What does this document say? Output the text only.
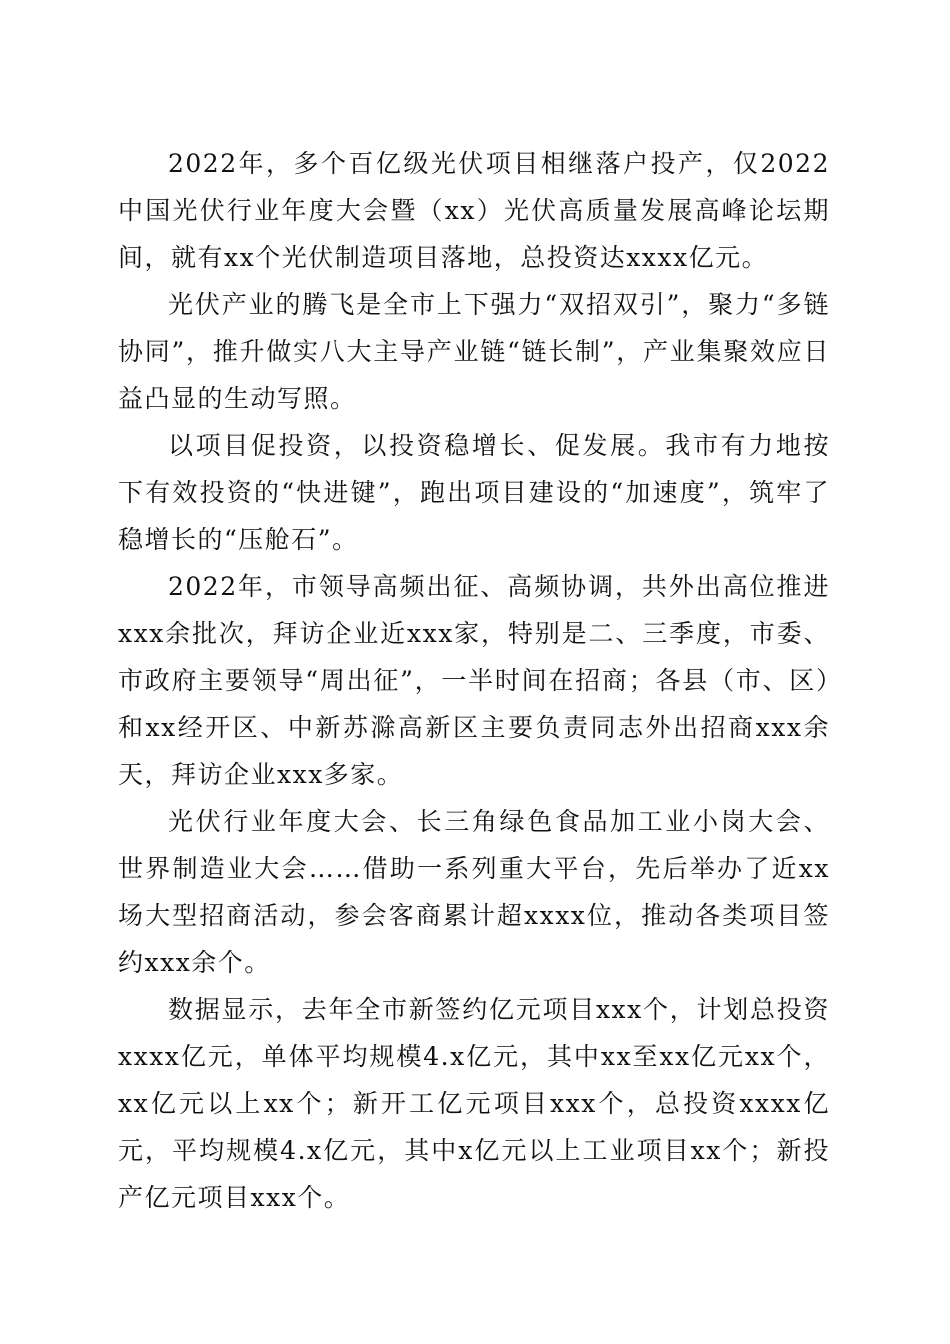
2022年，多个百亿级光伏项目相继落户投产，仅2022中国光伏行业年度大会暨（xx）光伏高质量发展高峰论坛期间，就有xx个光伏制造项目落地，总投资达xxxx亿元。

光伏产业的腾飞是全市上下强力“双招双引”，聚力“多链协同”，推升做实八大主导产业链“链长制”，产业集聚效应日益凸显的生动写照。

以项目促投资，以投资稳增长、促发展。我市有力地按下有效投资的“快进键”，跑出项目建设的“加速度”，筑牢了稳增长的“压舱石”。

2022年，市领导高频出征、高频协调，共外出高位推进xxx余批次，拜访企业近xxx家，特别是二、三季度，市委、市政府主要领导“周出征”，一半时间在招商；各县（市、区）和xx经开区、中新苏滁高新区主要负责同志外出招商xxx余天，拜访企业xxx多家。

光伏行业年度大会、长三角绿色食品加工业小岗大会、世界制造业大会……借助一系列重大平台，先后举办了近xx场大型招商活动，参会客商累计超xxxx位，推动各类项目签约xxx余个。

数据显示，去年全市新签约亿元项目xxx个，计划总投资xxxx亿元，单体平均规模4.x亿元，其中xx至xx亿元xx个，xx亿元以上xx个；新开工亿元项目xxx个，总投资xxxx亿元，平均规模4.x亿元，其中x亿元以上工业项目xx个；新投产亿元项目xxx个。
